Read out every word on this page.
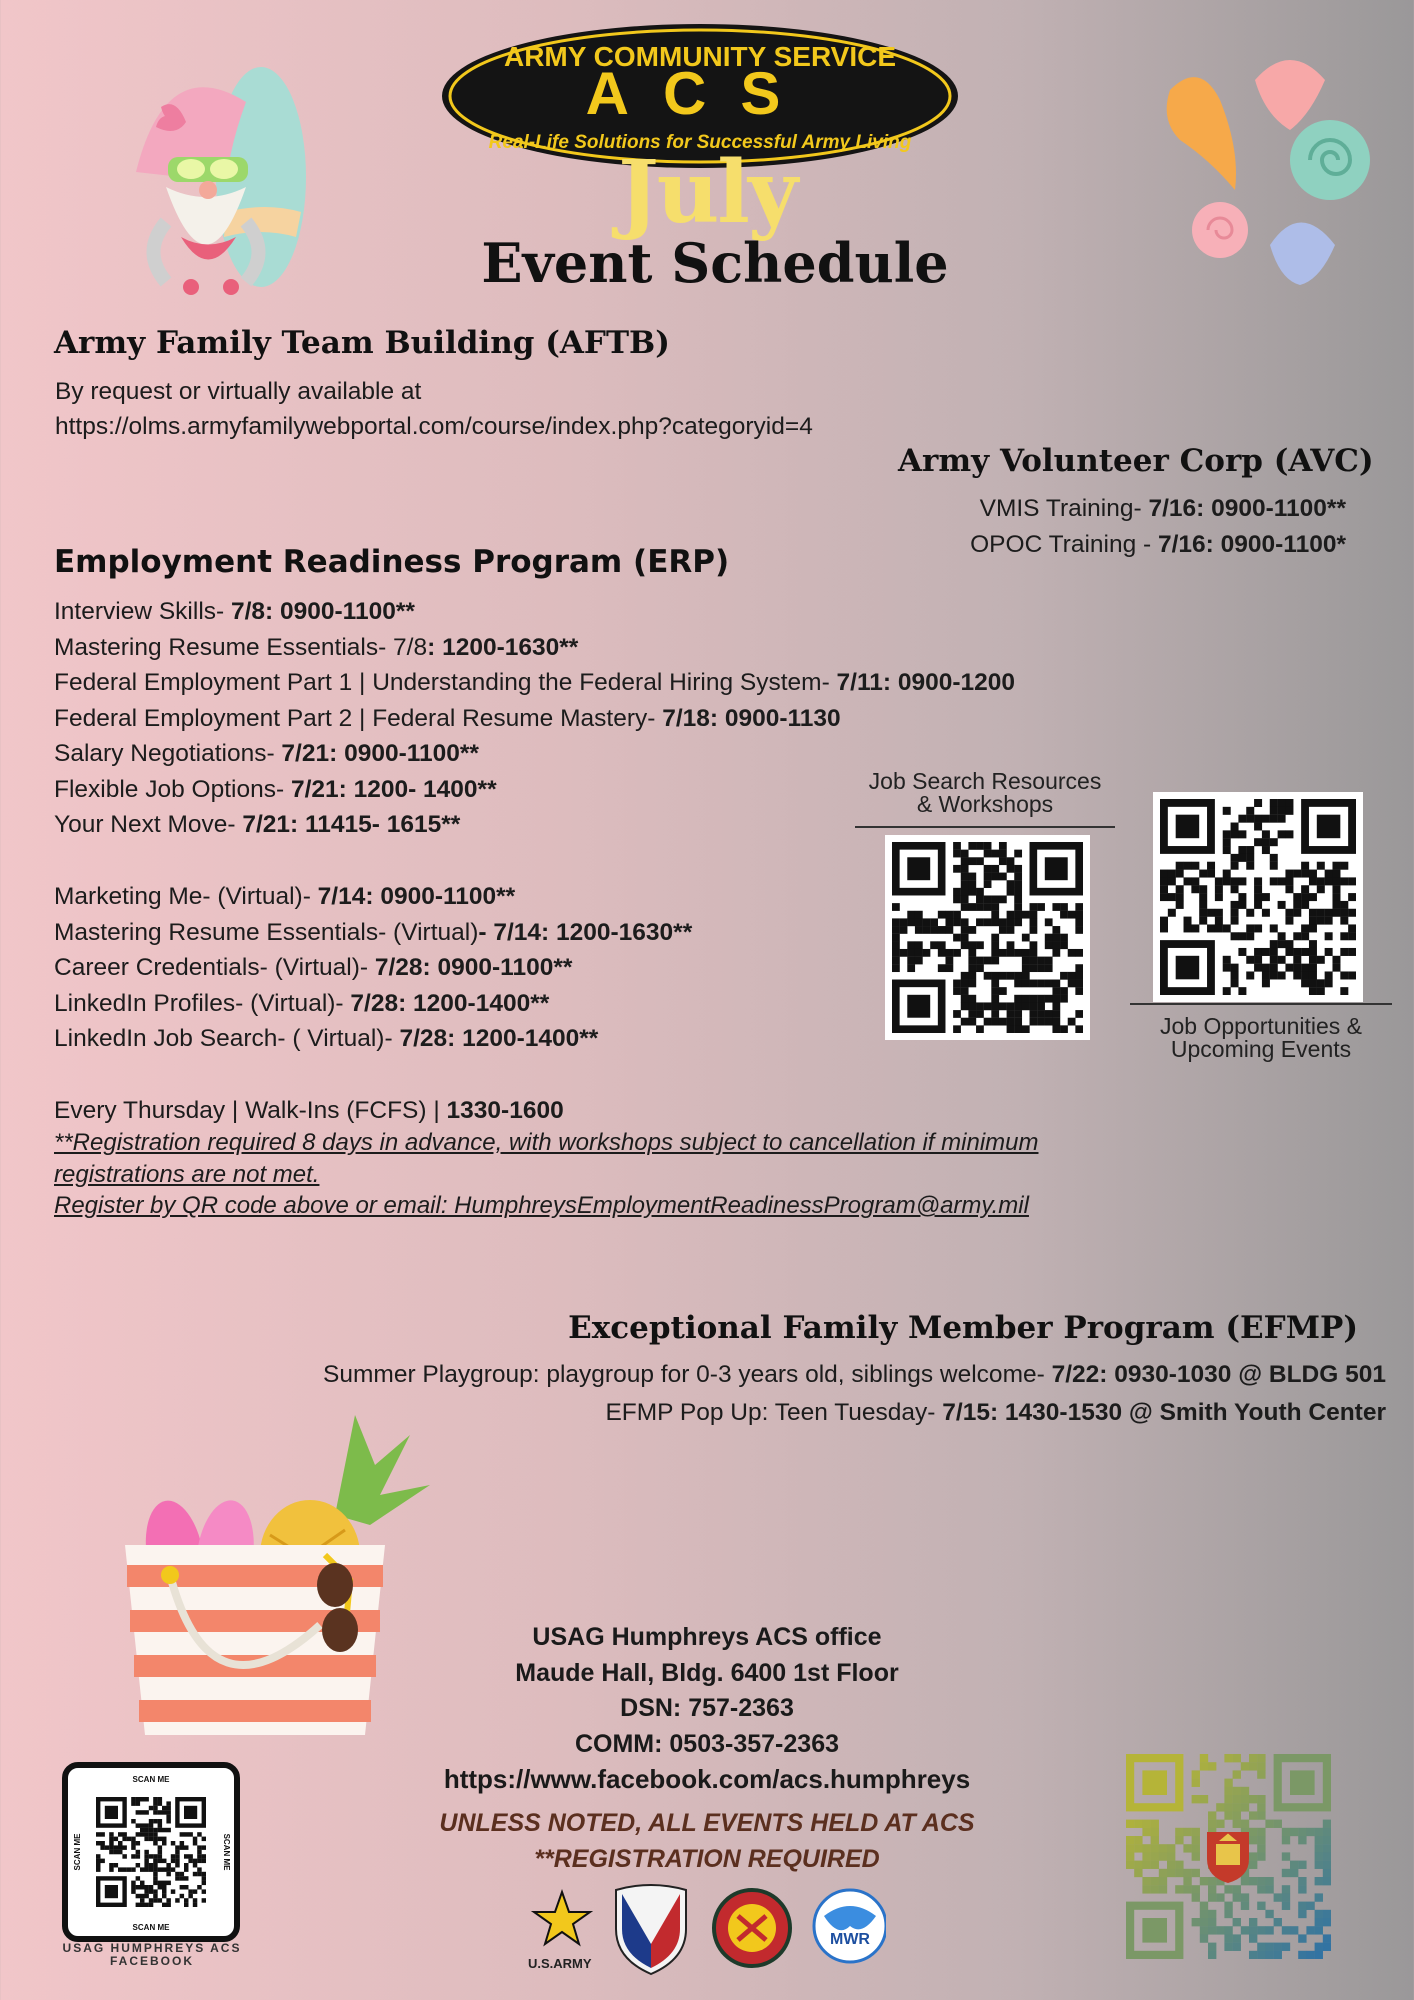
ARMY COMMUNITY SERVICE
ACS
Real-Life Solutions for Successful Army Living
July
Event Schedule
Army Family Team Building (AFTB)
By request or virtually available at
https://olms.armyfamilywebportal.com/course/index.php?categoryid=4
Army Volunteer Corp (AVC)
VMIS Training- 7/16: 0900-1100**
OPOC Training - 7/16: 0900-1100*
Employment Readiness Program (ERP)
Interview Skills- 7/8: 0900-1100**
Mastering Resume Essentials- 7/8: 1200-1630**
Federal Employment Part 1 | Understanding the Federal Hiring System- 7/11: 0900-1200
Federal Employment Part 2 | Federal Resume Mastery- 7/18: 0900-1130
Salary Negotiations- 7/21: 0900-1100**
Flexible Job Options- 7/21: 1200- 1400**
Your Next Move- 7/21: 11415- 1615**
Marketing Me- (Virtual)- 7/14: 0900-1100**
Mastering Resume Essentials- (Virtual)- 7/14: 1200-1630**
Career Credentials- (Virtual)- 7/28: 0900-1100**
LinkedIn Profiles- (Virtual)- 7/28: 1200-1400**
LinkedIn Job Search- ( Virtual)- 7/28: 1200-1400**
Every Thursday | Walk-Ins (FCFS) | 1330-1600
**Registration required 8 days in advance, with workshops subject to cancellation if minimum
registrations are not met.
Register by QR code above or email: HumphreysEmploymentReadinessProgram@army.mil
Job Search Resources
& Workshops
Job Opportunities &
Upcoming Events
Exceptional Family Member Program (EFMP)
Summer Playgroup: playgroup for 0-3 years old, siblings welcome- 7/22: 0930-1030 @ BLDG 501
EFMP Pop Up: Teen Tuesday- 7/15: 1430-1530 @ Smith Youth Center
USAG Humphreys ACS office
Maude Hall, Bldg. 6400 1st Floor
DSN: 757-2363
COMM: 0503-357-2363
https://www.facebook.com/acs.humphreys
UNLESS NOTED, ALL EVENTS HELD AT ACS
**REGISTRATION REQUIRED
SCAN ME
SCAN ME
SCAN ME	SCAN ME
USAG HUMPHREYS ACS
FACEBOOK
MWR
U.S.ARMY
